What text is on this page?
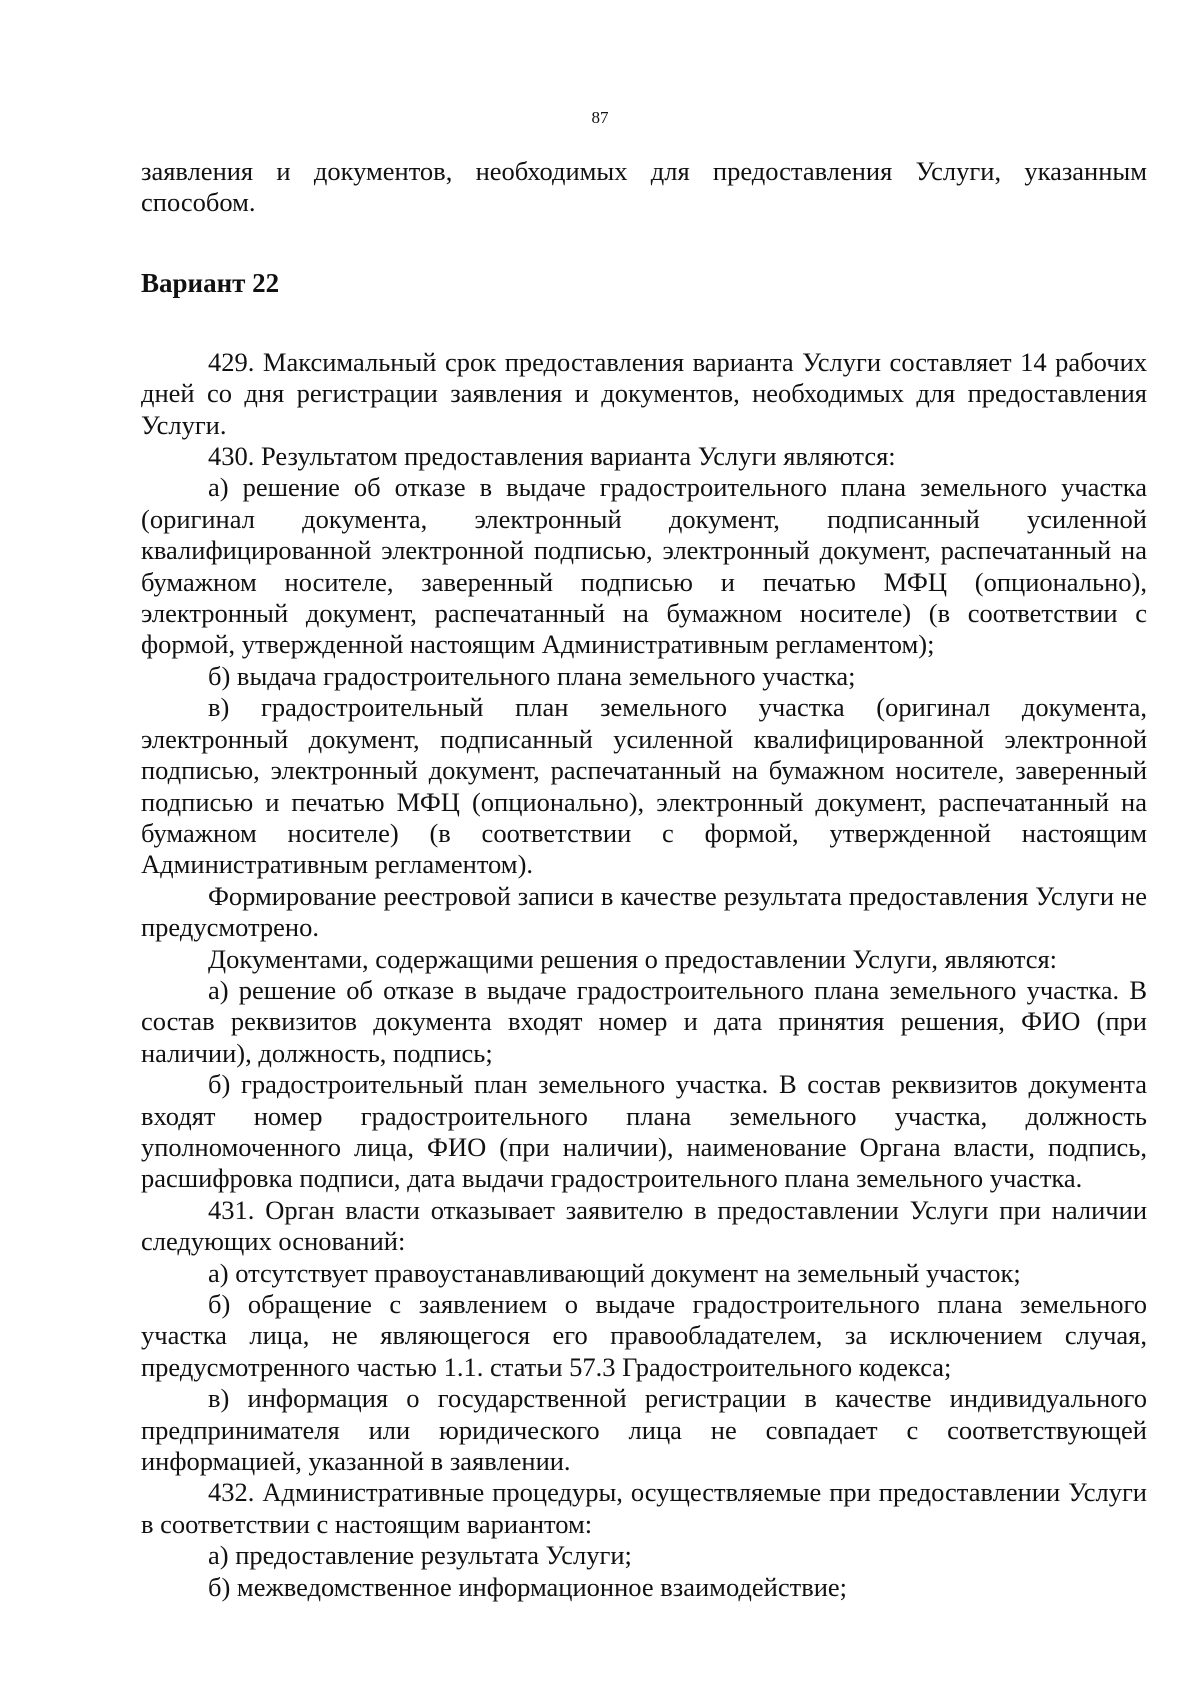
87

заявления и документов, необходимых для предоставления Услуги, указанным способом.

Вариант 22

429. Максимальный срок предоставления варианта Услуги составляет 14 рабочих дней со дня регистрации заявления и документов, необходимых для предоставления Услуги.

430. Результатом предоставления варианта Услуги являются:

а) решение об отказе в выдаче градостроительного плана земельного участка (оригинал документа, электронный документ, подписанный усиленной квалифицированной электронной подписью, электронный документ, распечатанный на бумажном носителе, заверенный подписью и печатью МФЦ (опционально), электронный документ, распечатанный на бумажном носителе) (в соответствии с формой, утвержденной настоящим Административным регламентом);

б) выдача градостроительного плана земельного участка;

в) градостроительный план земельного участка (оригинал документа, электронный документ, подписанный усиленной квалифицированной электронной подписью, электронный документ, распечатанный на бумажном носителе, заверенный подписью и печатью МФЦ (опционально), электронный документ, распечатанный на бумажном носителе) (в соответствии с формой, утвержденной настоящим Административным регламентом).

Формирование реестровой записи в качестве результата предоставления Услуги не предусмотрено.

Документами, содержащими решения о предоставлении Услуги, являются:

а) решение об отказе в выдаче градостроительного плана земельного участка. В состав реквизитов документа входят номер и дата принятия решения, ФИО (при наличии), должность, подпись;

б) градостроительный план земельного участка. В состав реквизитов документа входят номер градостроительного плана земельного участка, должность уполномоченного лица, ФИО (при наличии), наименование Органа власти, подпись, расшифровка подписи, дата выдачи градостроительного плана земельного участка.

431. Орган власти отказывает заявителю в предоставлении Услуги при наличии следующих оснований:

а) отсутствует правоустанавливающий документ на земельный участок;

б) обращение с заявлением о выдаче градостроительного плана земельного участка лица, не являющегося его правообладателем, за исключением случая, предусмотренного частью 1.1. статьи 57.3 Градостроительного кодекса;

в) информация о государственной регистрации в качестве индивидуального предпринимателя или юридического лица не совпадает с соответствующей информацией, указанной в заявлении.

432. Административные процедуры, осуществляемые при предоставлении Услуги в соответствии с настоящим вариантом:

а) предоставление результата Услуги;

б) межведомственное информационное взаимодействие;
